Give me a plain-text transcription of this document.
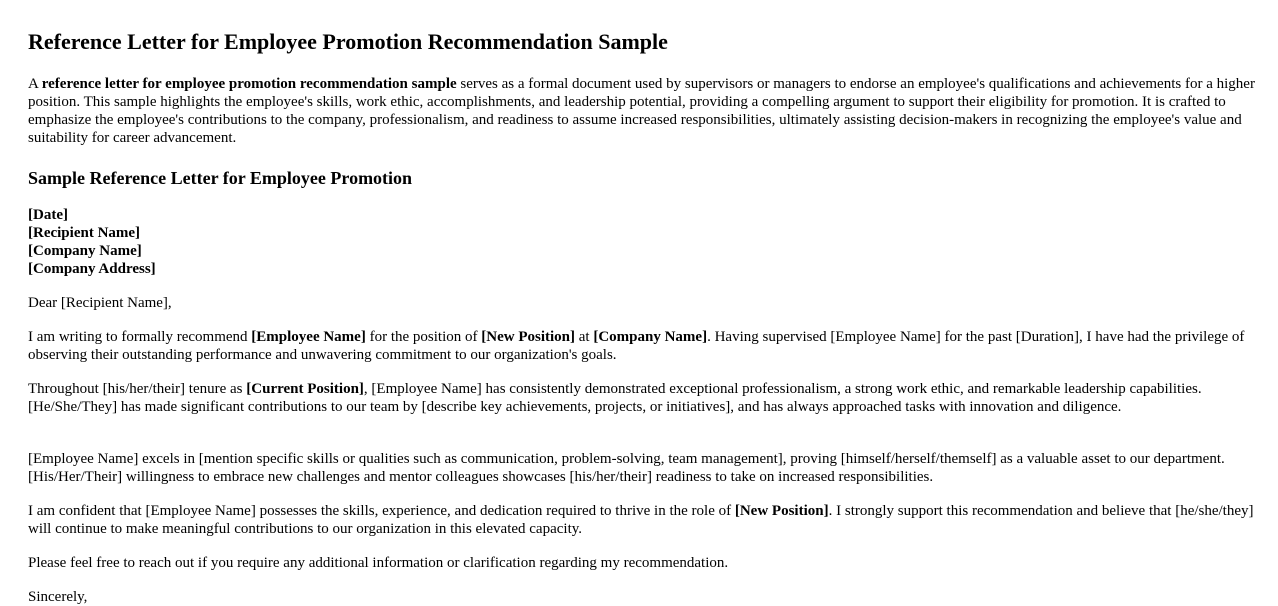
Reference Letter for Employee Promotion Recommendation Sample

A reference letter for employee promotion recommendation sample serves as a formal document used by supervisors or managers to endorse an employee's qualifications and achievements for a higher position. This sample highlights the employee's skills, work ethic, accomplishments, and leadership potential, providing a compelling argument to support their eligibility for promotion. It is crafted to emphasize the employee's contributions to the company, professionalism, and readiness to assume increased responsibilities, ultimately assisting decision-makers in recognizing the employee's value and suitability for career advancement.

Sample Reference Letter for Employee Promotion
[Date]
[Recipient Name]
[Company Name]
[Company Address]

Dear [Recipient Name],

I am writing to formally recommend [Employee Name] for the position of [New Position] at [Company Name]. Having supervised [Employee Name] for the past [Duration], I have had the privilege of observing their outstanding performance and unwavering commitment to our organization's goals.

Throughout [his/her/their] tenure as [Current Position], [Employee Name] has consistently demonstrated exceptional professionalism, a strong work ethic, and remarkable leadership capabilities. [He/She/They] has made significant contributions to our team by [describe key achievements, projects, or initiatives], and has always approached tasks with innovation and diligence.

[Employee Name] excels in [mention specific skills or qualities such as communication, problem-solving, team management], proving [himself/herself/themself] as a valuable asset to our department. [His/Her/Their] willingness to embrace new challenges and mentor colleagues showcases [his/her/their] readiness to take on increased responsibilities.

I am confident that [Employee Name] possesses the skills, experience, and dedication required to thrive in the role of [New Position]. I strongly support this recommendation and believe that [he/she/they] will continue to make meaningful contributions to our organization in this elevated capacity.

Please feel free to reach out if you require any additional information or clarification regarding my recommendation.

Sincerely,
